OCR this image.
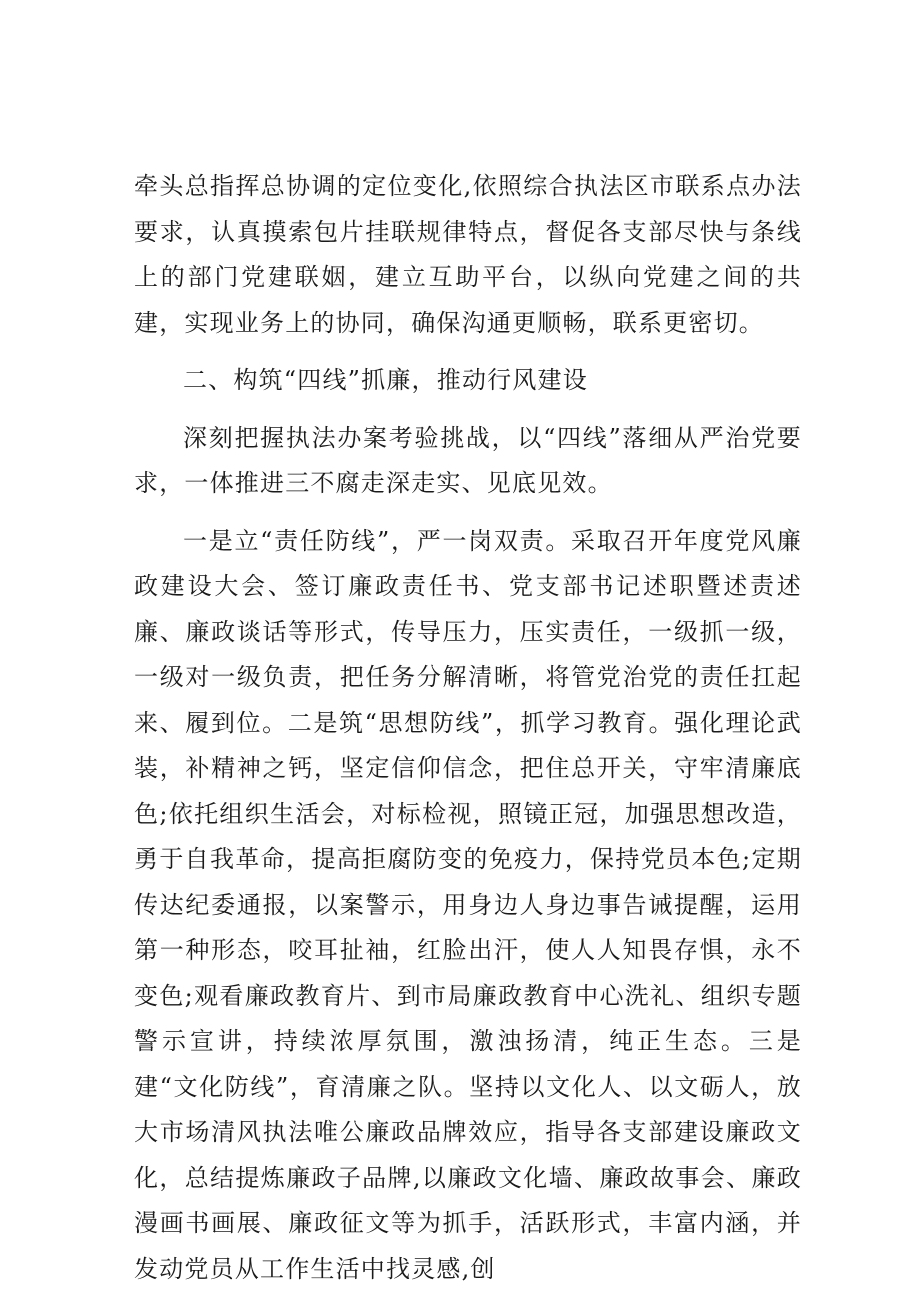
牵头总指挥总协调的定位变化,依照综合执法区市联系点办法要求，认真摸索包片挂联规律特点，督促各支部尽快与条线上的部门党建联姻，建立互助平台，以纵向党建之间的共建，实现业务上的协同，确保沟通更顺畅，联系更密切。

二、构筑“四线”抓廉，推动行风建设

深刻把握执法办案考验挑战，以“四线”落细从严治党要求，一体推进三不腐走深走实、见底见效。

一是立“责任防线”，严一岗双责。采取召开年度党风廉政建设大会、签订廉政责任书、党支部书记述职暨述责述廉、廉政谈话等形式，传导压力，压实责任，一级抓一级，一级对一级负责，把任务分解清晰，将管党治党的责任扛起来、履到位。二是筑“思想防线”，抓学习教育。强化理论武装，补精神之钙，坚定信仰信念，把住总开关，守牢清廉底色;依托组织生活会，对标检视，照镜正冠，加强思想改造，勇于自我革命，提高拒腐防变的免疫力，保持党员本色;定期传达纪委通报，以案警示，用身边人身边事告诫提醒，运用第一种形态，咬耳扯袖，红脸出汗，使人人知畏存惧，永不变色;观看廉政教育片、到市局廉政教育中心洗礼、组织专题警示宣讲，持续浓厚氛围，激浊扬清，纯正生态。三是建“文化防线”，育清廉之队。坚持以文化人、以文砺人，放大市场清风执法唯公廉政品牌效应，指导各支部建设廉政文化，总结提炼廉政子品牌,以廉政文化墙、廉政故事会、廉政漫画书画展、廉政征文等为抓手，活跃形式，丰富内涵，并发动党员从工作生活中找灵感,创
